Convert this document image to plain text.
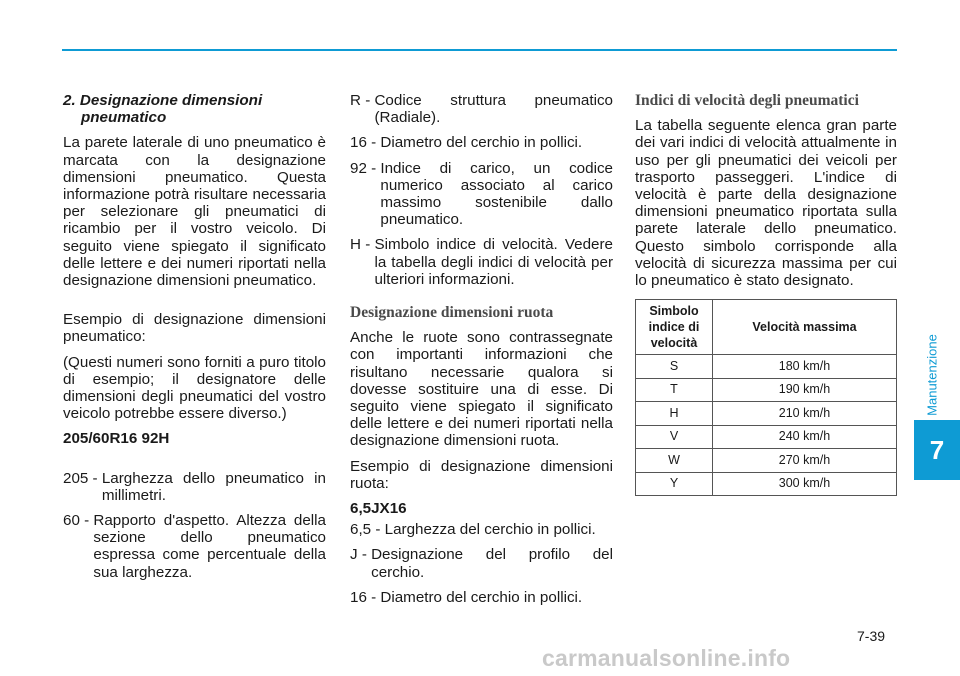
2. Designazione dimensioni pneumatico

La parete laterale di uno pneumatico è marcata con la designazione dimensioni pneumatico. Questa informazione potrà risultare necessaria per selezionare gli pneumatici di ricambio per il vostro veicolo. Di seguito viene spiegato il significato delle lettere e dei numeri riportati nella designazione dimensioni pneumatico.

Esempio di designazione dimensioni pneumatico:

(Questi numeri sono forniti a puro titolo di esempio; il designatore delle dimensioni degli pneumatici del vostro veicolo potrebbe essere diverso.)

205/60R16 92H

205 - Larghezza dello pneumatico in millimetri.
60 - Rapporto d'aspetto. Altezza della sezione dello pneumatico espressa come percentuale della sua larghezza.
R - Codice struttura pneumatico (Radiale).
16 - Diametro del cerchio in pollici.
92 - Indice di carico, un codice numerico associato al carico massimo sostenibile dallo pneumatico.
H - Simbolo indice di velocità. Vedere la tabella degli indici di velocità per ulteriori informazioni.

Designazione dimensioni ruota

Anche le ruote sono contrassegnate con importanti informazioni che risultano necessarie qualora si dovesse sostituire una di esse. Di seguito viene spiegato il significato delle lettere e dei numeri riportati nella designazione dimensioni ruota.

Esempio di designazione dimensioni ruota:

6,5JX16

6,5 - Larghezza del cerchio in pollici.
J - Designazione del profilo del cerchio.
16 - Diametro del cerchio in pollici.

Indici di velocità degli pneumatici

La tabella seguente elenca gran parte dei vari indici di velocità attualmente in uso per gli pneumatici dei veicoli per trasporto passeggeri. L'indice di velocità è parte della designazione dimensioni pneumatico riportata sulla parete laterale dello pneumatico. Questo simbolo corrisponde alla velocità di sicurezza massima per cui lo pneumatico è stato designato.

Simbolo indice di velocità	Velocità massima
S	180 km/h
T	190 km/h
H	210 km/h
V	240 km/h
W	270 km/h
Y	300 km/h
Manutenzione
7
7-39
carmanualsonline.info
